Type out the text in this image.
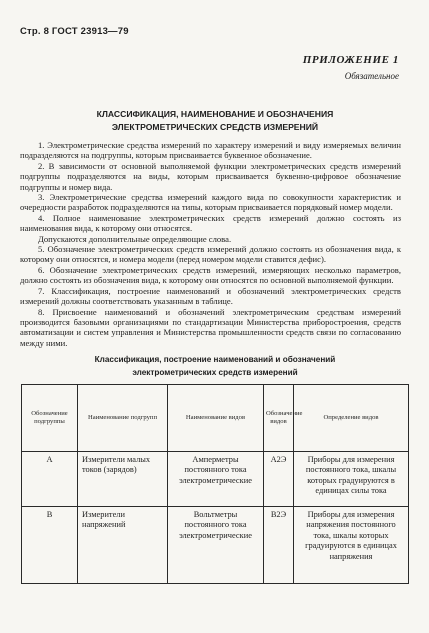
Стр. 8 ГОСТ 23913—79
ПРИЛОЖЕНИЕ 1
Обязательное
КЛАССИФИКАЦИЯ, НАИМЕНОВАНИЕ И ОБОЗНАЧЕНИЯ
ЭЛЕКТРОМЕТРИЧЕСКИХ СРЕДСТВ ИЗМЕРЕНИЙ

1. Электрометрические средства измерений по характеру измерений и виду измеряемых величин подразделяются на подгруппы, которым присваивается буквенное обозначение.

2. В зависимости от основной выполняемой функции электрометрических средств измерений подгруппы подразделяются на виды, которым присваивается буквенно-цифровое обозначение подгруппы и номер вида.

3. Электрометрические средства измерений каждого вида по совокупности характеристик и очередности разработок подразделяются на типы, которым присваивается порядковый номер модели.

4. Полное наименование электрометрических средств измерений должно состоять из наименования вида, к которому они относятся.

Допускаются дополнительные определяющие слова.

5. Обозначение электрометрических средств измерений должно состоять из обозначения вида, к которому они относятся, и номера модели (перед номером модели ставится дефис).

6. Обозначение электрометрических средств измерений, измеряющих несколько параметров, должно состоять из обозначения вида, к которому они относятся по основной выполняемой функции.

7. Классификация, построение наименований и обозначений электрометрических средств измерений должны соответствовать указанным в таблице.

8. Присвоение наименований и обозначений электрометрическим средствам измерений производится базовыми организациями по стандартизации Министерства приборостроения, средств автоматизации и систем управления и Министерства промышленности средств связи по согласованию между ними.

Классификация, построение наименований и обозначений
электрометрических средств измерений
Обозначение подгруппы	Наименование подгрупп	Наименование видов	Обозначение видов	Определение видов
А	Измерители малых токов (зарядов)	Амперметры постоянного тока электрометрические	А2Э	Приборы для измерения постоянного тока, шкалы которых градуируются в единицах силы тока
В	Измерители напряжений	Вольтметры постоянного тока электрометрические	В2Э	Приборы для измерения напряжения постоянного тока, шкалы которых градуируются в единицах напряжения
